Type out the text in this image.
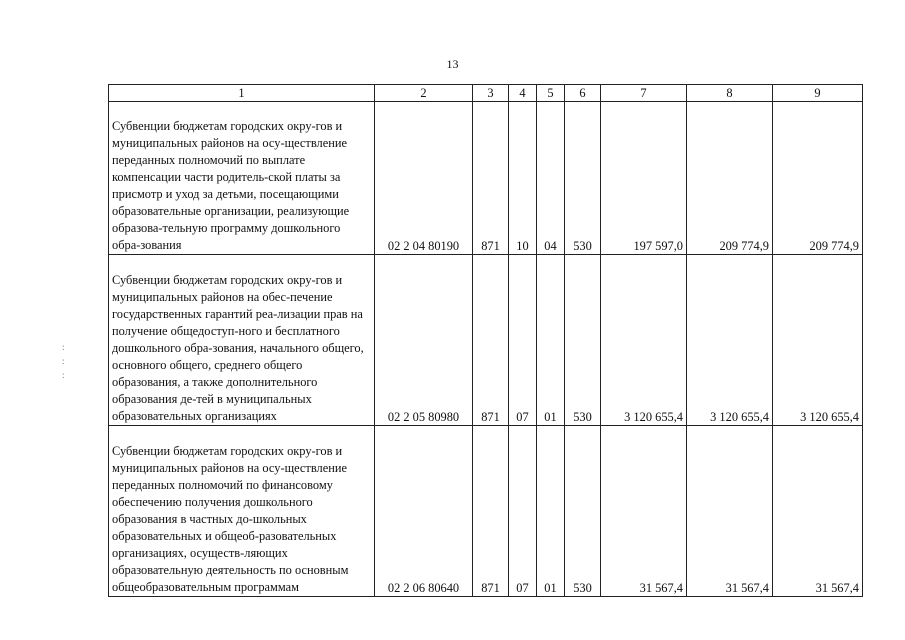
13
:
:
:
1	2	3	4	5	6	7	8	9
Субвенции бюджетам городских окру-гов и муниципальных районов на осу-ществление переданных полномочий по выплате компенсации части родитель-ской платы за присмотр и уход за детьми, посещающими образовательные организации, реализующие образова-тельную программу дошкольного обра-зования	02 2 04 80190	871	10	04	530	197 597,0	209 774,9	209 774,9
Субвенции бюджетам городских окру-гов и муниципальных районов на обес-печение государственных гарантий реа-лизации прав на получение общедоступ-ного и бесплатного дошкольного обра-зования, начального общего, основного общего, среднего общего образования, а также дополнительного образования де-тей в муниципальных образовательных организациях	02 2 05 80980	871	07	01	530	3 120 655,4	3 120 655,4	3 120 655,4
Субвенции бюджетам городских окру-гов и муниципальных районов на осу-ществление переданных полномочий по финансовому обеспечению получения дошкольного образования в частных до-школьных образовательных и общеоб-разовательных организациях, осуществ-ляющих образовательную деятельность по основным общеобразовательным программам	02 2 06 80640	871	07	01	530	31 567,4	31 567,4	31 567,4
